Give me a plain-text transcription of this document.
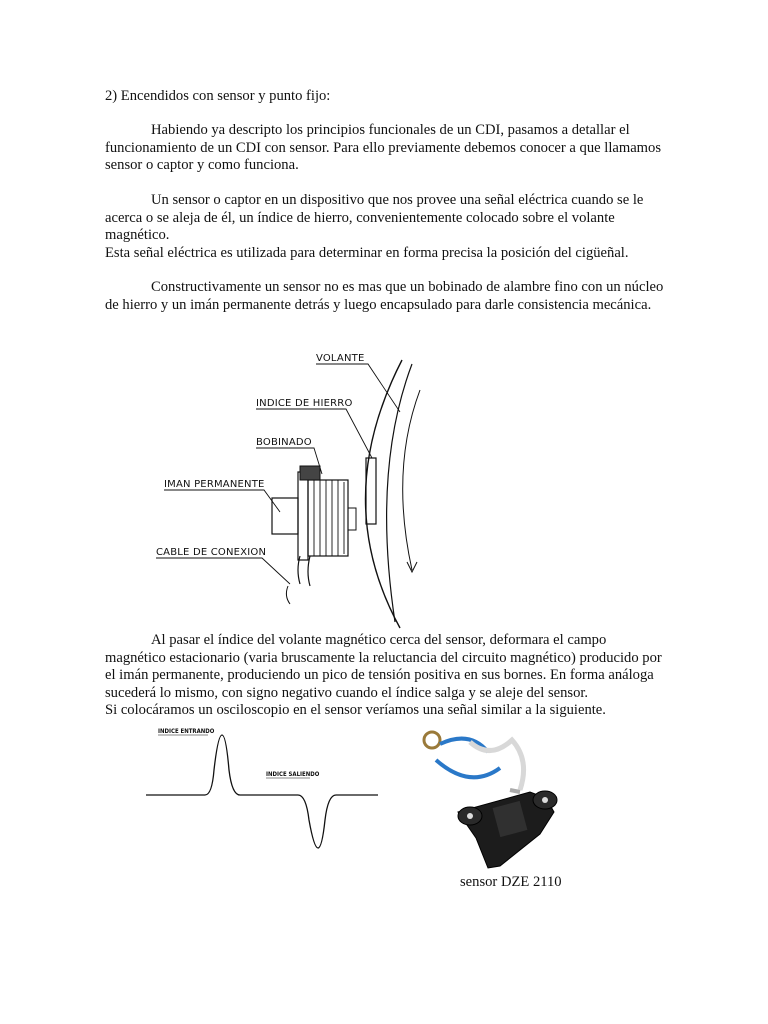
2) Encendidos con sensor y punto fijo:

Habiendo ya descripto los principios funcionales de un CDI, pasamos a detallar el funcionamiento de un CDI con sensor. Para ello previamente debemos conocer a que llamamos sensor o captor y como funciona.

Un sensor o captor en un dispositivo que nos provee una señal eléctrica cuando se le acerca o se aleja de él, un índice de hierro, convenientemente colocado sobre el volante magnético.

Esta señal eléctrica es utilizada para determinar en forma precisa la posición del cigüeñal.

Constructivamente un sensor no es mas que un bobinado de alambre fino con un núcleo de hierro y un imán permanente detrás y luego encapsulado para darle consistencia mecánica.

VOLANTE
INDICE DE HIERRO
BOBINADO
IMAN PERMANENTE
CABLE DE CONEXION
INDICE ENTRANDO
INDICE SALIENDO

Al pasar el índice del volante magnético cerca del sensor, deformara el campo magnético estacionario (varia bruscamente la reluctancia del circuito magnético) producido por el imán permanente, produciendo un pico de tensión positiva en sus bornes. En forma análoga sucederá lo mismo, con signo negativo cuando el índice salga y se aleje del sensor.

Si colocáramos un osciloscopio en el sensor veríamos una señal similar a la siguiente.

sensor DZE 2110
